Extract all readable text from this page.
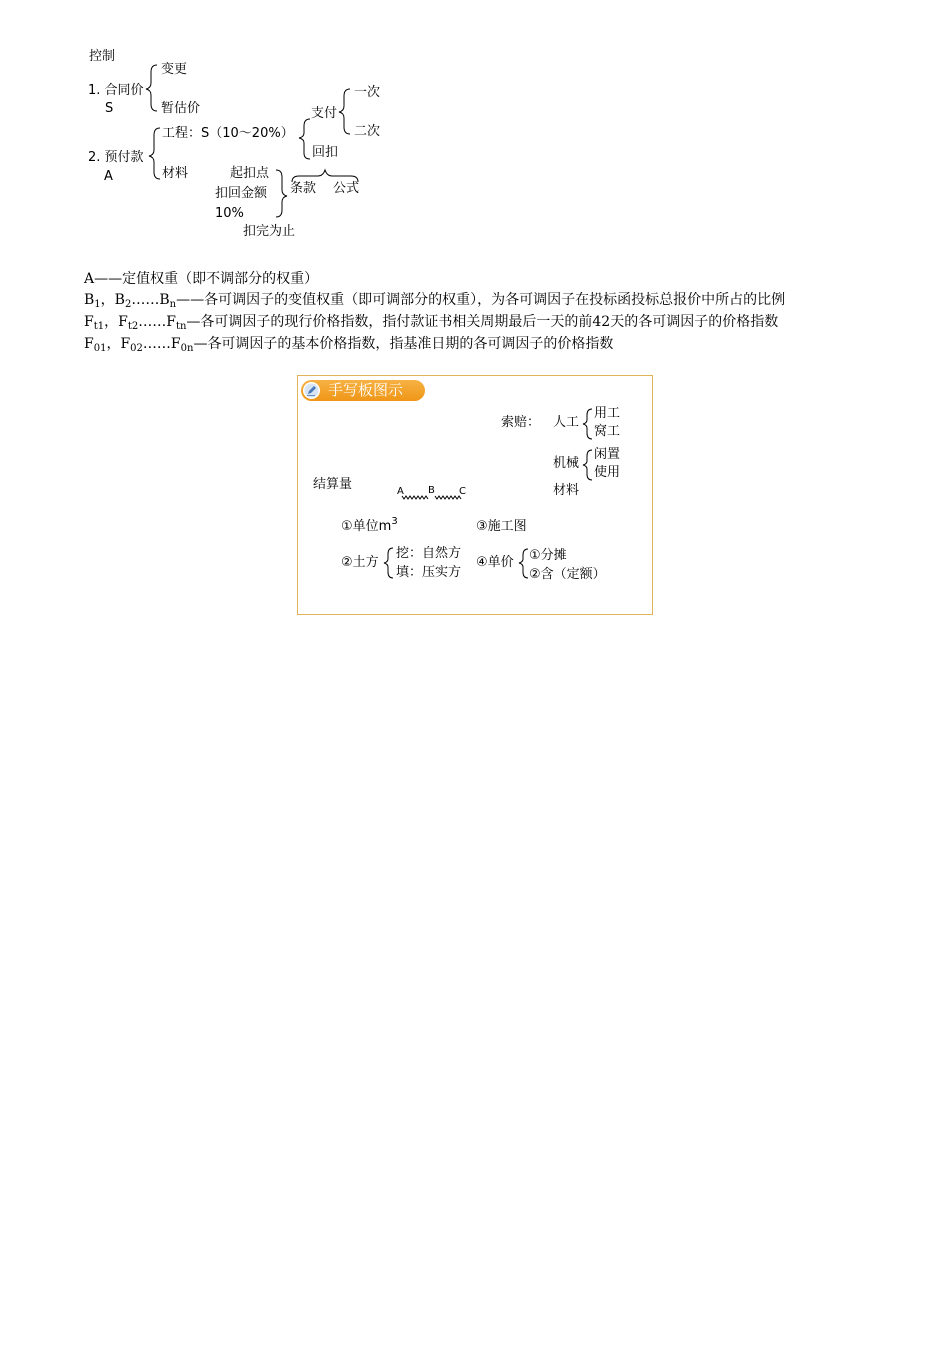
控制
1. 合同价
S
变更
暂估价
2. 预付款
A
工程：S（10～20%）
材料
支付
一次
二次
回扣
起扣点
扣回金额
10%
扣完为止
条款 公式
A——定值权重（即不调部分的权重）
$B_1$，$B_2\dots\dots B_n——$各可调因子的变值权重（即可调部分的权重），为各可调因子在投标函投标总报价中所占的比例
$F_{t1}$，$F_{t2}\dots\dots F_{tn}—$各可调因子的现行价格指数，指付款证书相关周期最后一天的前42天的各可调因子的价格指数
$F_{01}$，$F_{02}\dots\dots F_{0n}—$各可调因子的基本价格指数，指基准日期的各可调因子的价格指数
手写板图示
索赔： 人工
用工
窝工
机械
闲置
使用
材料
结算量	A B C
①单位$m^3$	③施工图
②土方
挖：自然方
填：压实方
④单价 ①分摊
②含（定额）
